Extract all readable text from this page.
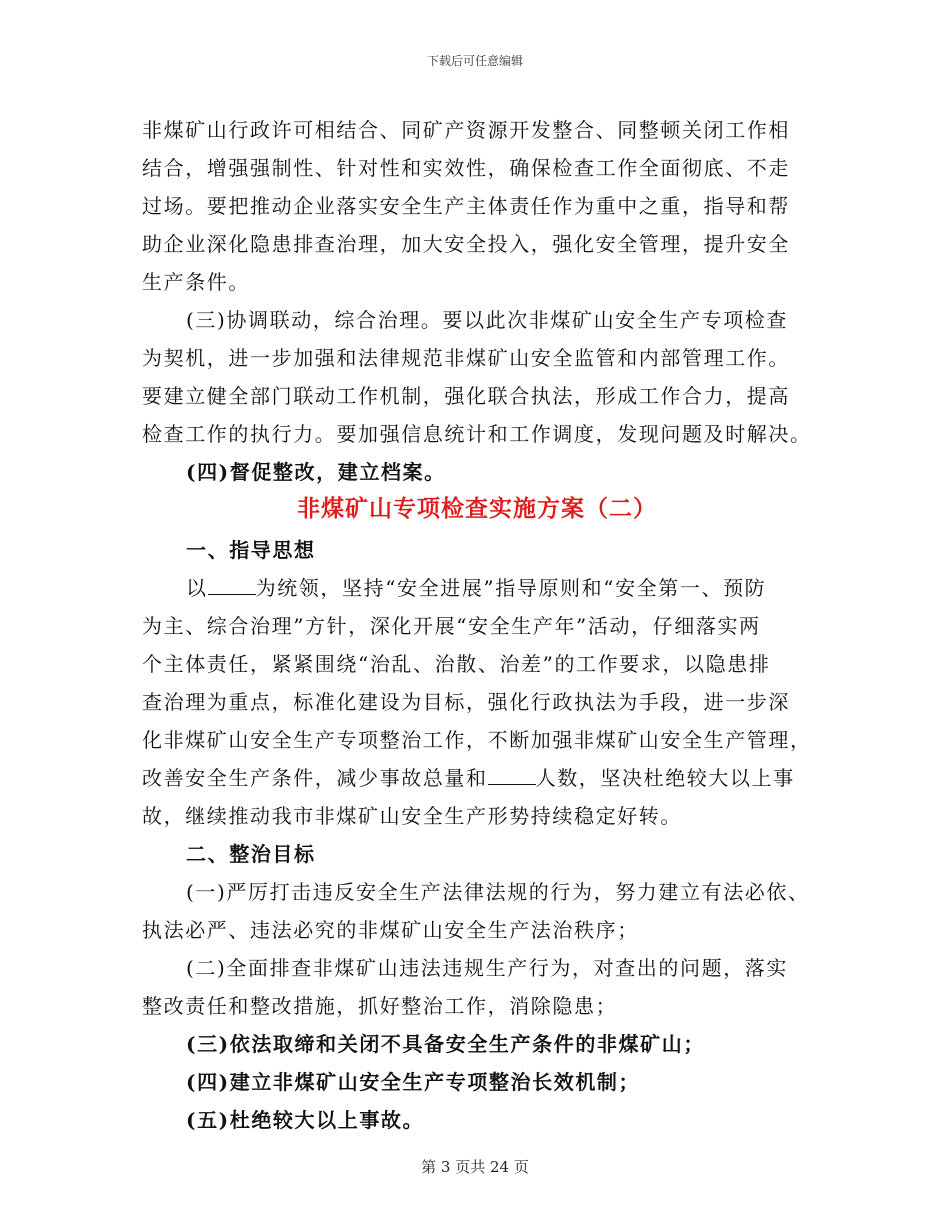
下载后可任意编辑
非煤矿山行政许可相结合、同矿产资源开发整合、同整顿关闭工作相
结合，增强强制性、针对性和实效性，确保检查工作全面彻底、不走
过场。要把推动企业落实安全生产主体责任作为重中之重，指导和帮
助企业深化隐患排查治理，加大安全投入，强化安全管理，提升安全
生产条件。
(三)协调联动，综合治理。要以此次非煤矿山安全生产专项检查
为契机，进一步加强和法律规范非煤矿山安全监管和内部管理工作。
要建立健全部门联动工作机制，强化联合执法，形成工作合力，提高
检查工作的执行力。要加强信息统计和工作调度，发现问题及时解决。
(四)督促整改，建立档案。
非煤矿山专项检查实施方案（二）
一、指导思想
以 为统领，坚持“安全进展”指导原则和“安全第一、预防
为主、综合治理”方针，深化开展“安全生产年”活动，仔细落实两
个主体责任，紧紧围绕“治乱、治散、治差”的工作要求，以隐患排
查治理为重点，标准化建设为目标，强化行政执法为手段，进一步深
化非煤矿山安全生产专项整治工作，不断加强非煤矿山安全生产管理，
改善安全生产条件，减少事故总量和 人数，坚决杜绝较大以上事
故，继续推动我市非煤矿山安全生产形势持续稳定好转。
二、整治目标
(一)严厉打击违反安全生产法律法规的行为，努力建立有法必依、
执法必严、违法必究的非煤矿山安全生产法治秩序；
(二)全面排查非煤矿山违法违规生产行为，对查出的问题，落实
整改责任和整改措施，抓好整治工作，消除隐患；
(三)依法取缔和关闭不具备安全生产条件的非煤矿山；
(四)建立非煤矿山安全生产专项整治长效机制；
(五)杜绝较大以上事故。
第 3 页共 24 页
